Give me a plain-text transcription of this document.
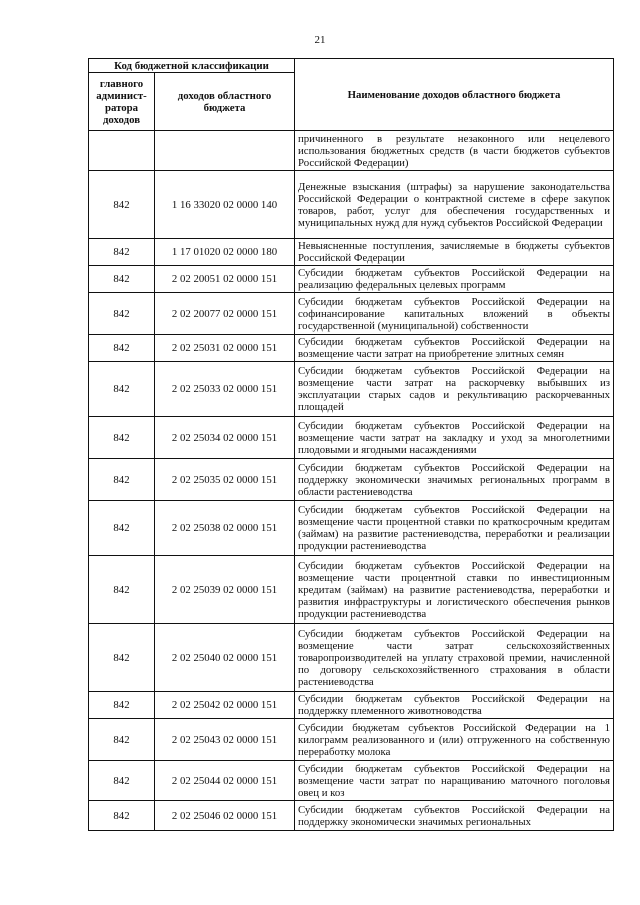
21
Код бюджетной классификации		Наименование доходов областного бюджета
главного админист-ратора доходов	доходов областного бюджета	
		причиненного в результате незаконного или нецелевого использования бюджетных средств (в части бюджетов субъектов Российской Федерации)
842	1 16 33020 02 0000 140	Денежные взыскания (штрафы) за нарушение законодательства Российской Федерации о контрактной системе в сфере закупок товаров, работ, услуг для обеспечения государственных и муниципальных нужд для нужд субъектов Российской Федерации
842	1 17 01020 02 0000 180	Невыясненные поступления, зачисляемые в бюджеты субъектов Российской Федерации
842	2 02 20051 02 0000 151	Субсидии бюджетам субъектов Российской Федерации на реализацию федеральных целевых программ
842	2 02 20077 02 0000 151	Субсидии бюджетам субъектов Российской Федерации на софинансирование капитальных вложений в объекты государственной (муниципальной) собственности
842	2 02 25031 02 0000 151	Субсидии бюджетам субъектов Российской Федерации на возмещение части затрат на приобретение элитных семян
842	2 02 25033 02 0000 151	Субсидии бюджетам субъектов Российской Федерации на возмещение части затрат на раскорчевку выбывших из эксплуатации старых садов и рекультивацию раскорчеванных площадей
842	2 02 25034 02 0000 151	Субсидии бюджетам субъектов Российской Федерации на возмещение части затрат на закладку и уход за многолетними плодовыми и ягодными насаждениями
842	2 02 25035 02 0000 151	Субсидии бюджетам субъектов Российской Федерации на поддержку экономически значимых региональных программ в области растениеводства
842	2 02 25038 02 0000 151	Субсидии бюджетам субъектов Российской Федерации на возмещение части процентной ставки по краткосрочным кредитам (займам) на развитие растениеводства, переработки и реализации продукции растениеводства
842	2 02 25039 02 0000 151	Субсидии бюджетам субъектов Российской Федерации на возмещение части процентной ставки по инвестиционным кредитам (займам) на развитие растениеводства, переработки и развития инфраструктуры и логистического обеспечения рынков продукции растениеводства
842	2 02 25040 02 0000 151	Субсидии бюджетам субъектов Российской Федерации на возмещение части затрат сельскохозяйственных товаропроизводителей на уплату страховой премии, начисленной по договору сельскохозяйственного страхования в области растениеводства
842	2 02 25042 02 0000 151	Субсидии бюджетам субъектов Российской Федерации на поддержку племенного животноводства
842	2 02 25043 02 0000 151	Субсидии бюджетам субъектов Российской Федерации на 1 килограмм реализованного и (или) отгруженного на собственную переработку молока
842	2 02 25044 02 0000 151	Субсидии бюджетам субъектов Российской Федерации на возмещение части затрат по наращиванию маточного поголовья овец и коз
842	2 02 25046 02 0000 151	Субсидии бюджетам субъектов Российской Федерации на поддержку экономически значимых региональных
